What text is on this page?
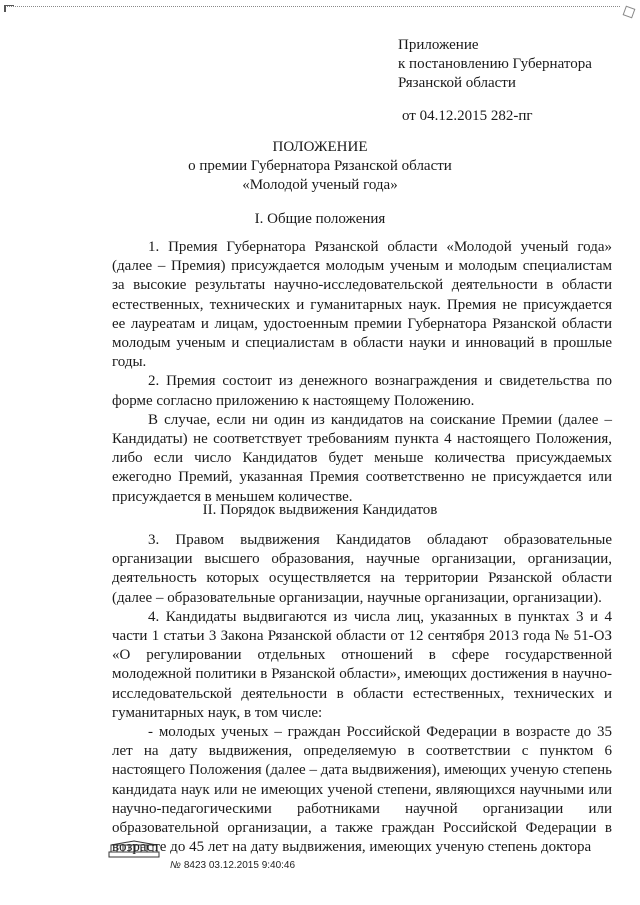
Приложение
к постановлению Губернатора
Рязанской области
от 04.12.2015 282-пг
ПОЛОЖЕНИЕ
о премии Губернатора Рязанской области
«Молодой ученый года»
I. Общие положения

1. Премия Губернатора Рязанской области «Молодой ученый года» (далее – Премия) присуждается молодым ученым и молодым специалистам за высокие результаты научно-исследовательской деятельности в области естественных, технических и гуманитарных наук. Премия не присуждается ее лауреатам и лицам, удостоенным премии Губернатора Рязанской области молодым ученым и специалистам в области науки и инноваций в прошлые годы.

2. Премия состоит из денежного вознаграждения и свидетельства по форме согласно приложению к настоящему Положению.

В случае, если ни один из кандидатов на соискание Премии (далее – Кандидаты) не соответствует требованиям пункта 4 настоящего Положения, либо если число Кандидатов будет меньше количества присуждаемых ежегодно Премий, указанная Премия соответственно не присуждается или присуждается в меньшем количестве.

II. Порядок выдвижения Кандидатов

3. Правом выдвижения Кандидатов обладают образовательные организации высшего образования, научные организации, организации, деятельность которых осуществляется на территории Рязанской области (далее – образовательные организации, научные организации, организации).

4. Кандидаты выдвигаются из числа лиц, указанных в пунктах 3 и 4 части 1 статьи 3 Закона Рязанской области от 12 сентября 2013 года № 51-ОЗ «О регулировании отдельных отношений в сфере государственной молодежной политики в Рязанской области», имеющих достижения в научно-исследовательской деятельности в области естественных, технических и гуманитарных наук, в том числе:

- молодых ученых – граждан Российской Федерации в возрасте до 35 лет на дату выдвижения, определяемую в соответствии с пунктом 6 настоящего Положения (далее – дата выдвижения), имеющих ученую степень кандидата наук или не имеющих ученой степени, являющихся научными или научно-педагогическими работниками научной организации или образовательной организации, а также граждан Российской Федерации в возрасте до 45 лет на дату выдвижения, имеющих ученую степень доктора

№ 8423 03.12.2015 9:40:46
